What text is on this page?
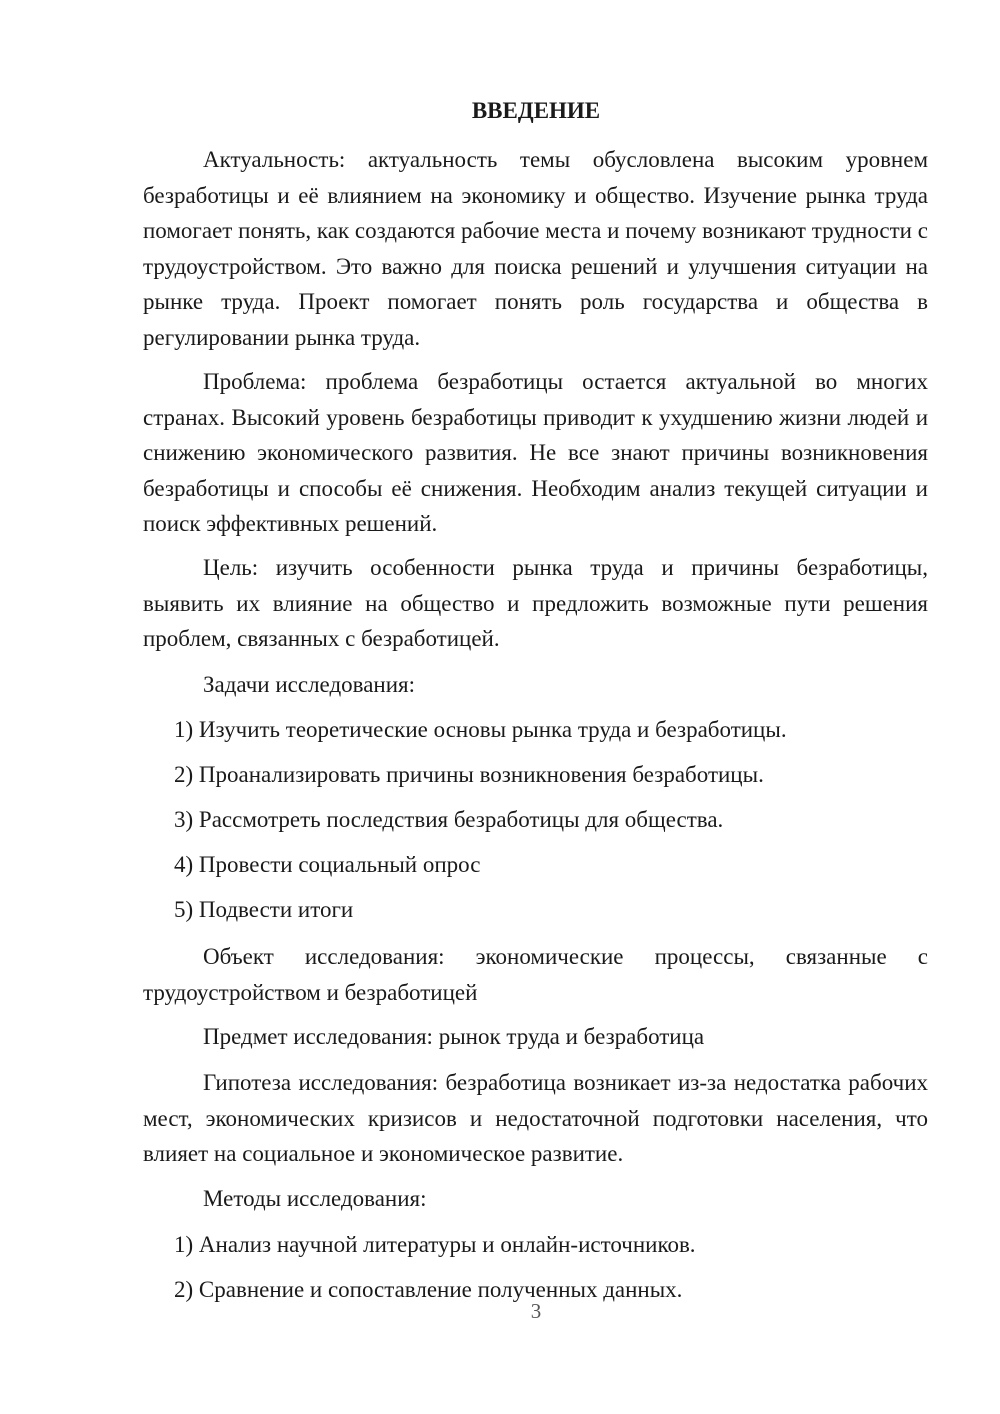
ВВЕДЕНИЕ

Актуальность: актуальность темы обусловлена высоким уровнем безработицы и её влиянием на экономику и общество. Изучение рынка труда помогает понять, как создаются рабочие места и почему возникают трудности с трудоустройством. Это важно для поиска решений и улучшения ситуации на рынке труда. Проект помогает понять роль государства и общества в регулировании рынка труда.

Проблема: проблема безработицы остается актуальной во многих странах. Высокий уровень безработицы приводит к ухудшению жизни людей и снижению экономического развития. Не все знают причины возникновения безработицы и способы её снижения. Необходим анализ текущей ситуации и поиск эффективных решений.

Цель: изучить особенности рынка труда и причины безработицы, выявить их влияние на общество и предложить возможные пути решения проблем, связанных с безработицей.

Задачи исследования:

1) Изучить теоретические основы рынка труда и безработицы.

2) Проанализировать причины возникновения безработицы.

3) Рассмотреть последствия безработицы для общества.

4) Провести социальный опрос

5) Подвести итоги

Объект исследования: экономические процессы, связанные с трудоустройством и безработицей

Предмет исследования: рынок труда и безработица

Гипотеза исследования: безработица возникает из-за недостатка рабочих мест, экономических кризисов и недостаточной подготовки населения, что влияет на социальное и экономическое развитие.

Методы исследования:

1) Анализ научной литературы и онлайн-источников.

2) Сравнение и сопоставление полученных данных.

3
